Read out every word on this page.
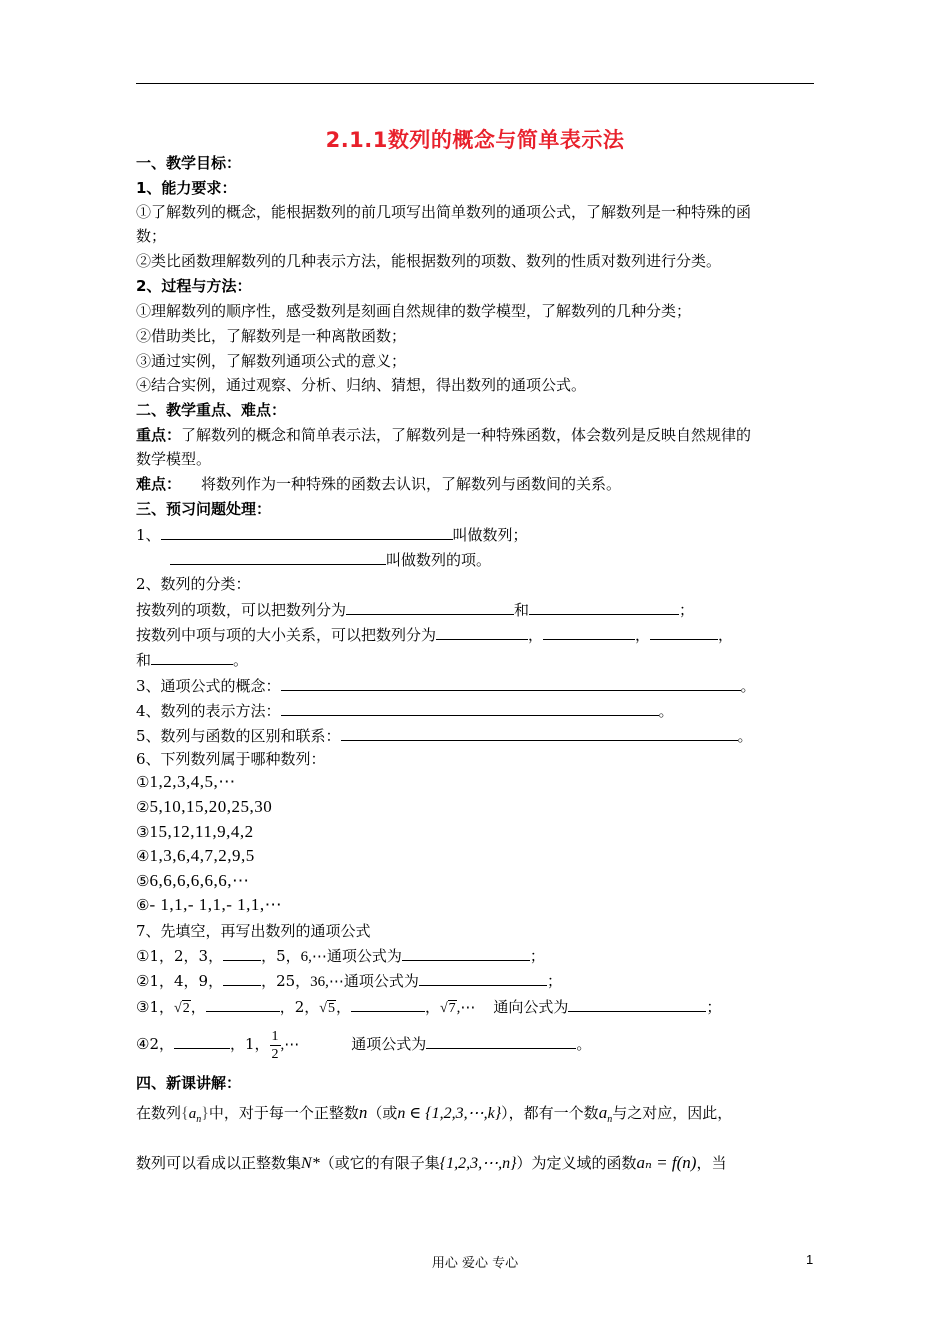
2.1.1数列的概念与简单表示法
一、教学目标：
1、能力要求：
①了解数列的概念，能根据数列的前几项写出简单数列的通项公式，了解数列是一种特殊的函
数；
②类比函数理解数列的几种表示方法，能根据数列的项数、数列的性质对数列进行分类。
2、过程与方法：
①理解数列的顺序性，感受数列是刻画自然规律的数学模型，了解数列的几种分类；
②借助类比，了解数列是一种离散函数；
③通过实例，了解数列通项公式的意义；
④结合实例，通过观察、分析、归纳、猜想，得出数列的通项公式。
二、教学重点、难点：
重点：了解数列的概念和简单表示法，了解数列是一种特殊函数，体会数列是反映自然规律的
数学模型。
难点： 将数列作为一种特殊的函数去认识，了解数列与函数间的关系。
三、预习问题处理：
1、	叫做数列；
叫做数列的项。
2、数列的分类：
按数列的项数，可以把数列分为	和	；
按数列中项与项的大小关系，可以把数列分为	，	，	，
和	。
3、通项公式的概念：	。
4、数列的表示方法：	。
5、数列与函数的区别和联系：	。
6、下列数列属于哪种数列：
①1,2,3,4,5,⋯
②5,10,15,20,25,30
③15,12,11,9,4,2
④1,3,6,4,7,2,9,5
⑤6,6,6,6,6,6,⋯
⑥- 1,1,- 1,1,- 1,1,⋯
7、先填空，再写出数列的通项公式
①1，2，3，	，5，6,⋯通项公式为	；
②1，4，9，	，25，36,⋯通项公式为	；
③1，√2，	，2，√5，	，√7,⋯ 通向公式为	；
④2，	，1， $\frac{1}{2}$ ,⋯	通项公式为	。
四、新课讲解：
在数列$\{a_n\}$中，对于每一个正整数n（或n ∈ {1,2,3,⋯,k}），都有一个数$a_n$与之对应，因此，
数列可以看成以正整数集N*（或它的有限子集{1,2,3,⋯,n}）为定义域的函数aₙ = f(n)，当
用心 爱心 专心	1
